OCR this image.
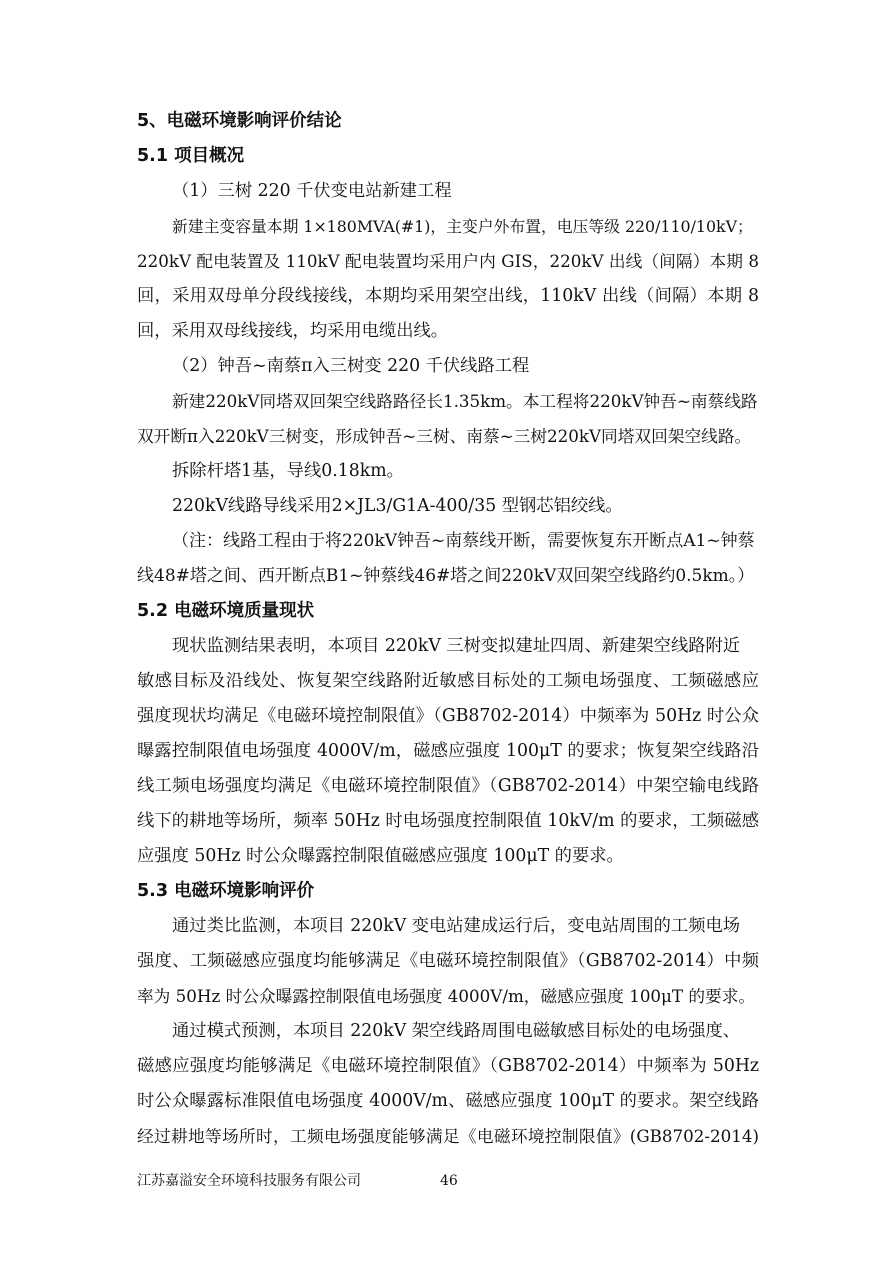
5、电磁环境影响评价结论
5.1 项目概况
（1）三树 220 千伏变电站新建工程
新建主变容量本期 1×180MVA(#1)，主变户外布置，电压等级 220/110/10kV；
220kV 配电装置及 110kV 配电装置均采用户内 GIS，220kV 出线（间隔）本期 8
回，采用双母单分段线接线，本期均采用架空出线，110kV 出线（间隔）本期 8
回，采用双母线接线，均采用电缆出线。
（2）钟吾~南蔡π入三树变 220 千伏线路工程
新建220kV同塔双回架空线路路径长1.35km。本工程将220kV钟吾~南蔡线路
双开断π入220kV三树变，形成钟吾~三树、南蔡~三树220kV同塔双回架空线路。
拆除杆塔1基，导线0.18km。
220kV线路导线采用2×JL3/G1A-400/35 型钢芯铝绞线。
（注：线路工程由于将220kV钟吾~南蔡线开断，需要恢复东开断点A1~钟蔡
线48#塔之间、西开断点B1~钟蔡线46#塔之间220kV双回架空线路约0.5km。）
5.2 电磁环境质量现状
现状监测结果表明，本项目 220kV 三树变拟建址四周、新建架空线路附近
敏感目标及沿线处、恢复架空线路附近敏感目标处的工频电场强度、工频磁感应
强度现状均满足《电磁环境控制限值》（GB8702-2014）中频率为 50Hz 时公众
曝露控制限值电场强度 4000V/m，磁感应强度 100μT 的要求；恢复架空线路沿
线工频电场强度均满足《电磁环境控制限值》（GB8702-2014）中架空输电线路
线下的耕地等场所，频率 50Hz 时电场强度控制限值 10kV/m 的要求，工频磁感
应强度 50Hz 时公众曝露控制限值磁感应强度 100μT 的要求。
5.3 电磁环境影响评价
通过类比监测，本项目 220kV 变电站建成运行后，变电站周围的工频电场
强度、工频磁感应强度均能够满足《电磁环境控制限值》（GB8702-2014）中频
率为 50Hz 时公众曝露控制限值电场强度 4000V/m，磁感应强度 100μT 的要求。
通过模式预测，本项目 220kV 架空线路周围电磁敏感目标处的电场强度、
磁感应强度均能够满足《电磁环境控制限值》（GB8702-2014）中频率为 50Hz
时公众曝露标准限值电场强度 4000V/m、磁感应强度 100μT 的要求。架空线路
经过耕地等场所时，工频电场强度能够满足《电磁环境控制限值》(GB8702-2014)
江苏嘉溢安全环境科技服务有限公司	46
